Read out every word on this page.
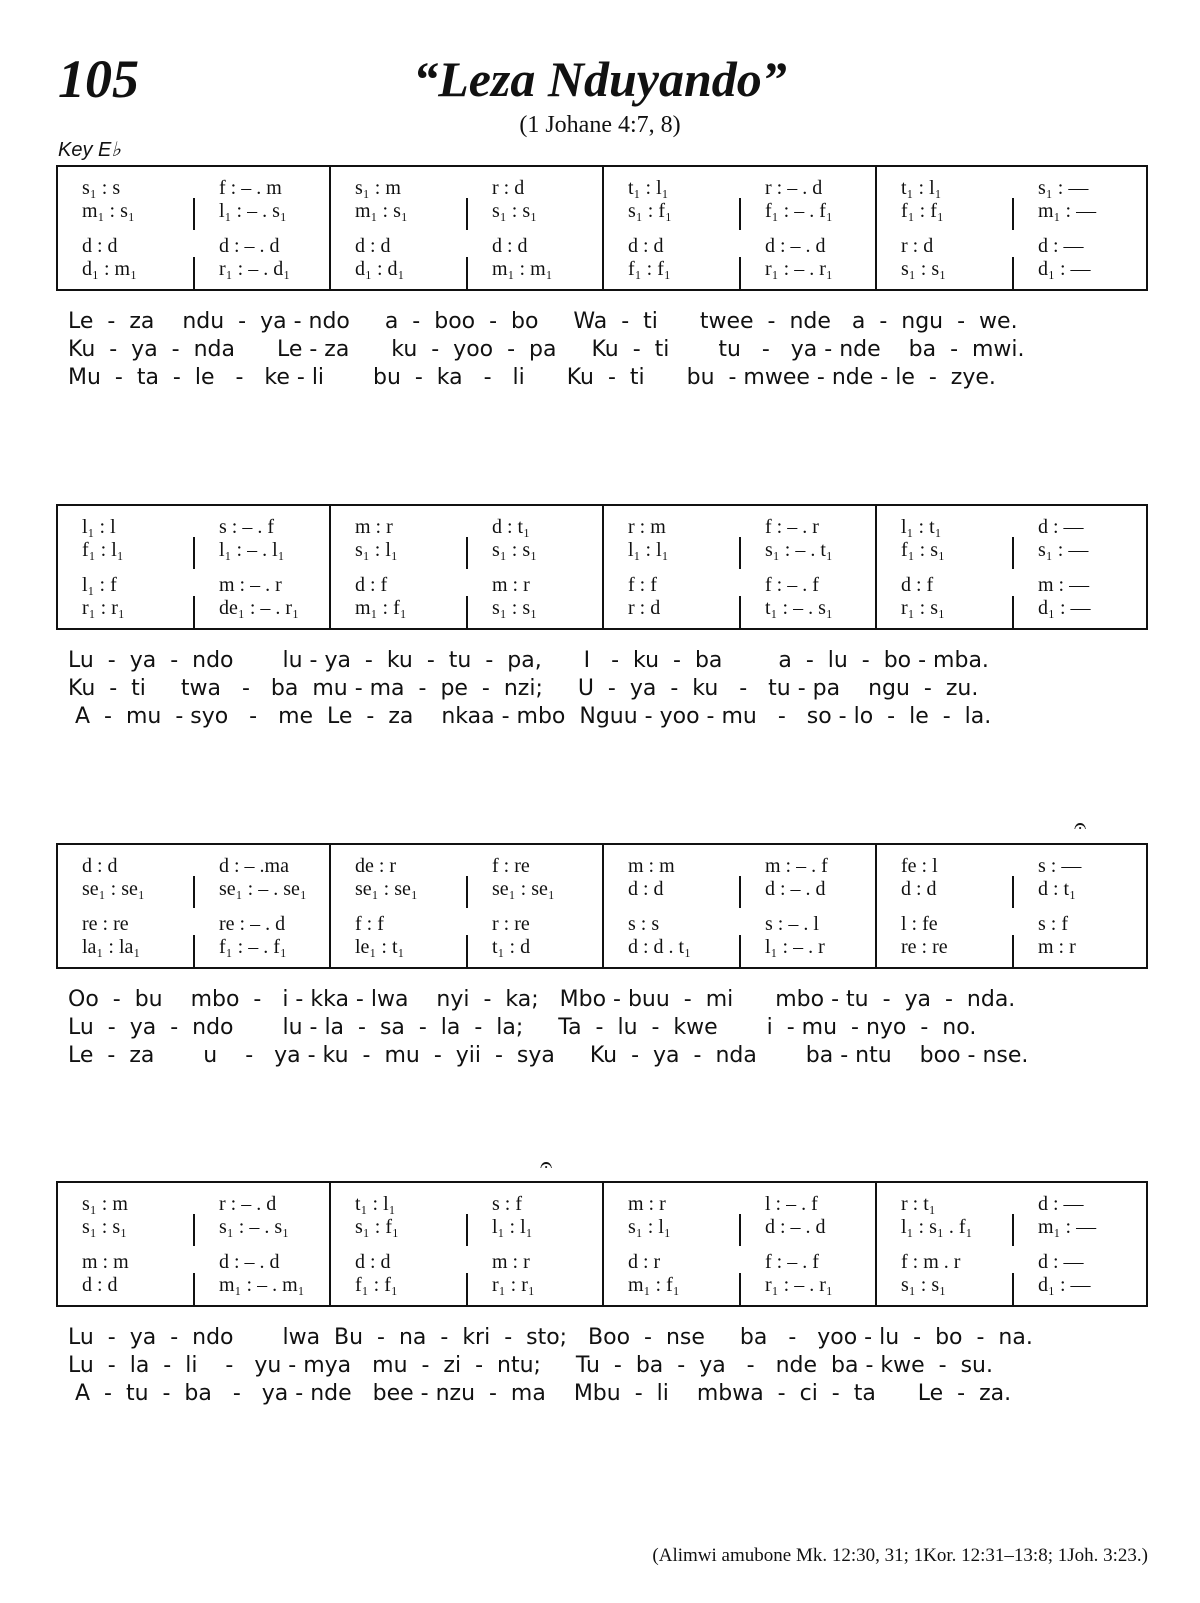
105	“Leza Nduyando”
(1 Johane 4:7, 8)
Key E♭
s₁ : s
m₁ : s₁
d : d
d₁ : m₁
f : – . m
l₁ : – . s₁
d : – . d
r₁ : – . d₁
s₁ : m
m₁ : s₁
d : d
d₁ : d₁
r : d
s₁ : s₁
d : d
m₁ : m₁
t₁ : l₁
s₁ : f₁
d : d
f₁ : f₁
r : – . d
f₁ : – . f₁
d : – . d
r₁ : – . r₁
t₁ : l₁
f₁ : f₁
r : d
s₁ : s₁
s₁ : —
m₁ : —
d : —
d₁ : —
Le  -  za    ndu  -  ya - ndo     a  -  boo  -  bo     Wa  -  ti      twee  -  nde   a  -  ngu  -  we.
Ku  -  ya  -  nda      Le - za      ku  -  yoo  -  pa     Ku  -  ti       tu   -   ya - nde    ba  -  mwi.
Mu  -  ta  -  le   -   ke - li       bu  -  ka   -   li      Ku  -  ti      bu  - mwee - nde - le  -  zye.
l₁ : l
f₁ : l₁
l₁ : f
r₁ : r₁
s : – . f
l₁ : – . l₁
m : – . r
de₁ : – . r₁
m : r
s₁ : l₁
d : f
m₁ : f₁
d : t₁
s₁ : s₁
m : r
s₁ : s₁
r : m
l₁ : l₁
f : f
r : d
f : – . r
s₁ : – . t₁
f : – . f
t₁ : – . s₁
l₁ : t₁
f₁ : s₁
d : f
r₁ : s₁
d : —
s₁ : —
m : —
d₁ : —
Lu  -  ya  -  ndo       lu - ya  -  ku  -  tu  -  pa,      I   -  ku  -  ba        a  -  lu  -  bo - mba.
Ku  -  ti     twa   -   ba  mu - ma  -  pe  -  nzi;     U  -  ya  -  ku   -   tu - pa    ngu  -  zu.
A  -  mu  - syo   -   me  Le  -  za    nkaa - mbo  Nguu - yoo - mu   -   so - lo  -  le  -  la.
d : d
se₁ : se₁
re : re
la₁ : la₁
d : – .ma
se₁ : – . se₁
re : – . d
f₁ : – . f₁
de : r
se₁ : se₁
f : f
le₁ : t₁
f : re
se₁ : se₁
r : re
t₁ : d
m : m
d : d
s : s
d : d . t₁
m : – . f
d : – . d
s : – . l
l₁ : – . r
fe : l
d : d
l : fe
re : re
s : —
d : t₁
s : f
m : r
Oo  -  bu    mbo  -   i - kka - lwa    nyi  -  ka;   Mbo - buu  -  mi      mbo - tu  -  ya  -  nda.
Lu  -  ya  -  ndo       lu - la  -  sa  -  la  -  la;     Ta  -  lu  -  kwe       i  - mu  - nyo  -  no.
Le  -  za       u    -   ya - ku  -  mu  -  yii  -  sya     Ku  -  ya  -  nda       ba - ntu    boo - nse.
s₁ : m
s₁ : s₁
m : m
d : d
r : – . d
s₁ : – . s₁
d : – . d
m₁ : – . m₁
t₁ : l₁
s₁ : f₁
d : d
f₁ : f₁
s : f
l₁ : l₁
m : r
r₁ : r₁
m : r
s₁ : l₁
d : r
m₁ : f₁
l : – . f
d : – . d
f : – . f
r₁ : – . r₁
r : t₁
l₁ : s₁ . f₁
f : m . r
s₁ : s₁
d : —
m₁ : —
d : —
d₁ : —
Lu  -  ya  -  ndo       lwa  Bu  -  na  -  kri  -  sto;   Boo  -  nse     ba   -   yoo - lu  -  bo  -  na.
Lu  -  la  -  li    -   yu - mya   mu  -  zi  -  ntu;     Tu  -  ba  -  ya   -   nde  ba - kwe  -  su.
A  -  tu  -  ba   -   ya - nde   bee - nzu  -  ma    Mbu  -  li    mbwa  -  ci  -  ta      Le  -  za.
𝄐
𝄐
(Alimwi amubone Mk. 12:30, 31; 1Kor. 12:31–13:8; 1Joh. 3:23.)
